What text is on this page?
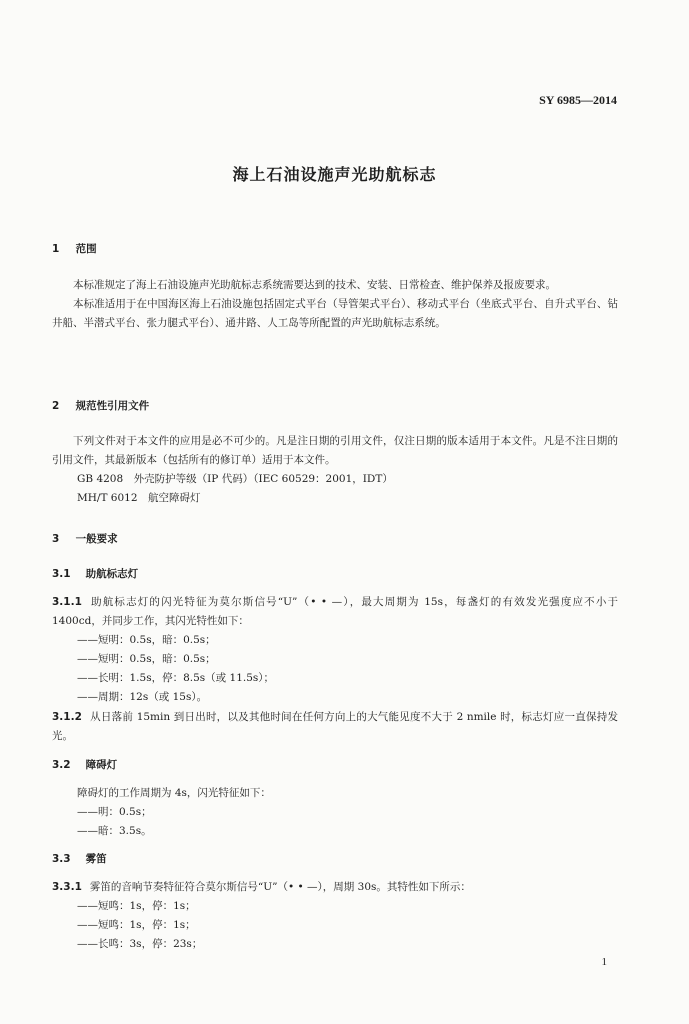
SY 6985—2014
海上石油设施声光助航标志
1 范围

本标准规定了海上石油设施声光助航标志系统需要达到的技术、安装、日常检查、维护保养及报废要求。

本标准适用于在中国海区海上石油设施包括固定式平台（导管架式平台）、移动式平台（坐底式平台、自升式平台、钻井船、半潜式平台、张力腿式平台）、通井路、人工岛等所配置的声光助航标志系统。

2 规范性引用文件

下列文件对于本文件的应用是必不可少的。凡是注日期的引用文件，仅注日期的版本适用于本文件。凡是不注日期的引用文件，其最新版本（包括所有的修订单）适用于本文件。

GB 4208　外壳防护等级（IP 代码）（IEC 60529：2001，IDT）

MH/T 6012　航空障碍灯

3 一般要求
3.1 助航标志灯

3.1.1 助航标志灯的闪光特征为莫尔斯信号“U”（• • —），最大周期为 15s，每盏灯的有效发光强度应不小于 1400cd，并同步工作，其闪光特性如下：

——短明：0.5s，暗：0.5s；

——短明：0.5s，暗：0.5s；

——长明：1.5s，停：8.5s（或 11.5s）；

——周期：12s（或 15s）。

3.1.2 从日落前 15min 到日出时，以及其他时间在任何方向上的大气能见度不大于 2 nmile 时，标志灯应一直保持发光。

3.2 障碍灯

障碍灯的工作周期为 4s，闪光特征如下：

——明：0.5s；

——暗：3.5s。

3.3 雾笛

3.3.1 雾笛的音响节奏特征符合莫尔斯信号“U”（• • —），周期 30s。其特性如下所示：

——短鸣：1s，停：1s；

——短鸣：1s，停：1s；

——长鸣：3s，停：23s；

1
